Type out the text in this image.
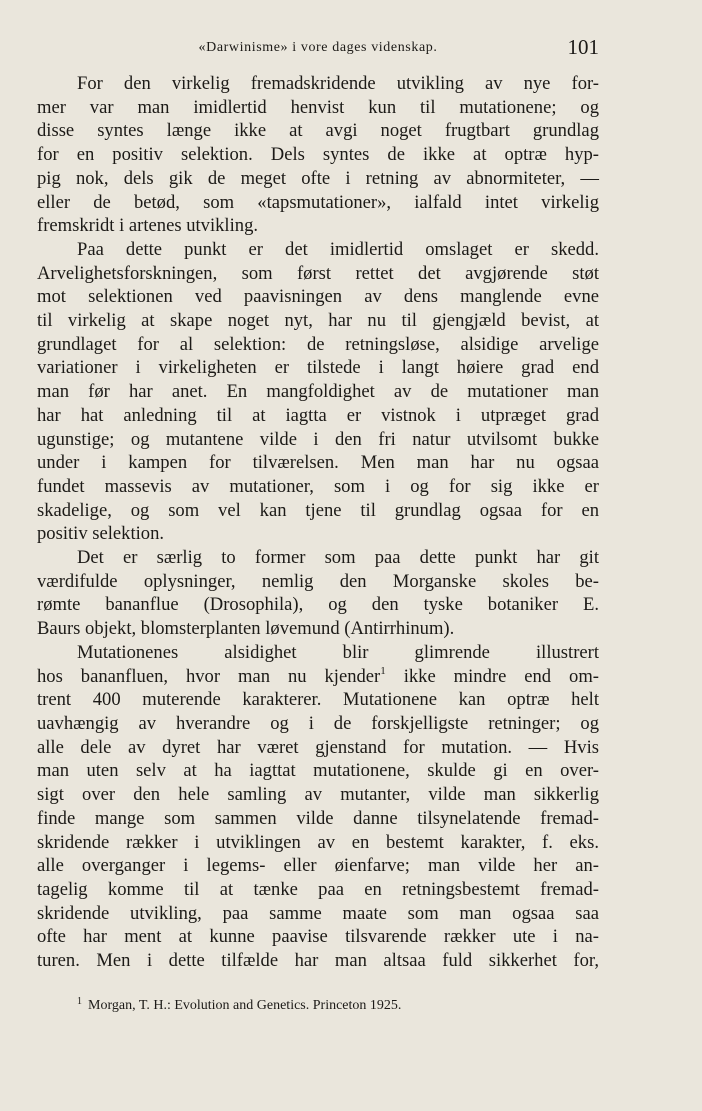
«Darwinisme» i vore dages videnskap.	101
For den virkelig fremadskridende utvikling av nye for-
mer var man imidlertid henvist kun til mutationene; og
disse syntes længe ikke at avgi noget frugtbart grundlag
for en positiv selektion. Dels syntes de ikke at optræ hyp-
pig nok, dels gik de meget ofte i retning av abnormiteter, —
eller de betød, som «tapsmutationer», ialfald intet virkelig
fremskridt i artenes utvikling.
Paa dette punkt er det imidlertid omslaget er skedd.
Arvelighetsforskningen, som først rettet det avgjørende støt
mot selektionen ved paavisningen av dens manglende evne
til virkelig at skape noget nyt, har nu til gjengjæld bevist, at
grundlaget for al selektion: de retningsløse, alsidige arvelige
variationer i virkeligheten er tilstede i langt høiere grad end
man før har anet. En mangfoldighet av de mutationer man
har hat anledning til at iagtta er vistnok i utpræget grad
ugunstige; og mutantene vilde i den fri natur utvilsomt bukke
under i kampen for tilværelsen. Men man har nu ogsaa
fundet massevis av mutationer, som i og for sig ikke er
skadelige, og som vel kan tjene til grundlag ogsaa for en
positiv selektion.
Det er særlig to former som paa dette punkt har git
værdifulde oplysninger, nemlig den Morganske skoles be-
rømte bananflue (Drosophila), og den tyske botaniker E.
Baurs objekt, blomsterplanten løvemund (Antirrhinum).
Mutationenes alsidighet blir glimrende illustrert
hos bananfluen, hvor man nu kjender$^1$ ikke mindre end om-
trent 400 muterende karakterer. Mutationene kan optræ helt
uavhængig av hverandre og i de forskjelligste retninger; og
alle dele av dyret har været gjenstand for mutation. — Hvis
man uten selv at ha iagttat mutationene, skulde gi en over-
sigt over den hele samling av mutanter, vilde man sikkerlig
finde mange som sammen vilde danne tilsynelatende fremad-
skridende rækker i utviklingen av en bestemt karakter, f. eks.
alle overganger i legems- eller øienfarve; man vilde her an-
tagelig komme til at tænke paa en retningsbestemt fremad-
skridende utvikling, paa samme maate som man ogsaa saa
ofte har ment at kunne paavise tilsvarende rækker ute i na-
turen. Men i dette tilfælde har man altsaa fuld sikkerhet for,
$^1$ Morgan, T. H.: Evolution and Genetics. Princeton 1925.
